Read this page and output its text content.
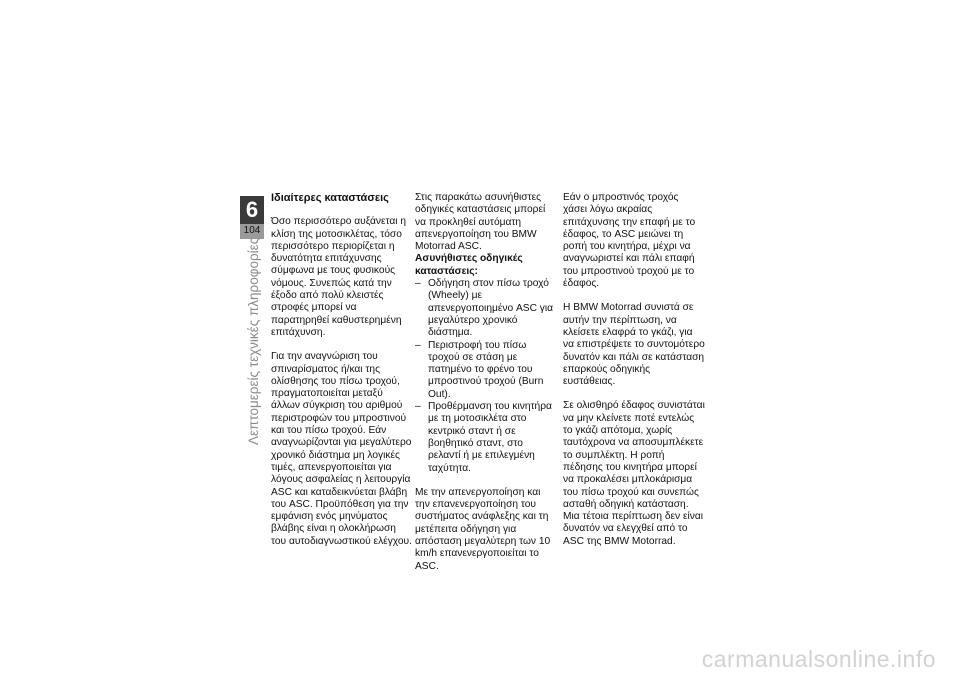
6
104
Λεπτομερείς τεχνικές πληροφορίες

Ιδιαίτερες καταστάσεις

Όσο περισσότερο αυξάνεται η κλίση της μοτοσικλέτας, τόσο περισσότερο περιορίζεται η δυνατότητα επιτάχυνσης σύμφωνα με τους φυσικούς νόμους. Συνεπώς κατά την έξοδο από πολύ κλειστές στροφές μπορεί να παρατηρηθεί καθυστερημένη επιτάχυνση.

Για την αναγνώριση του σπιναρίσματος ή/και της ολίσθησης του πίσω τροχού, πραγματοποιείται μεταξύ άλλων σύγκριση του αριθμού περιστροφών του μπροστινού και του πίσω τροχού. Εάν αναγνωρίζονται για μεγαλύτερο χρονικό διάστημα μη λογικές τιμές, απενεργοποιείται για λόγους ασφαλείας η λειτουργία ASC και καταδεικνύεται βλάβη του ASC. Προϋπόθεση για την εμφάνιση ενός μηνύματος βλάβης είναι η ολοκλήρωση του αυτοδιαγνωστικού ελέγχου.

Στις παρακάτω ασυνήθιστες οδηγικές καταστάσεις μπορεί να προκληθεί αυτόματη απενεργοποίηση του BMW Motorrad ASC.

Ασυνήθιστες οδηγικές καταστάσεις:

– Οδήγηση στον πίσω τροχό (Wheely) με απενεργοποιημένο ASC για μεγαλύτερο χρονικό διάστημα.
– Περιστροφή του πίσω τροχού σε στάση με πατημένο το φρένο του μπροστινού τροχού (Burn Out).
– Προθέρμανση του κινητήρα με τη μοτοσικλέτα στο κεντρικό σταντ ή σε βοηθητικό σταντ, στο ρελαντί ή με επιλεγμένη ταχύτητα.

Με την απενεργοποίηση και την επανενεργοποίηση του συστήματος ανάφλεξης και τη μετέπειτα οδήγηση για απόσταση μεγαλύτερη των 10 km/h επανενεργοποιείται το ASC.

Εάν ο μπροστινός τροχός χάσει λόγω ακραίας επιτάχυνσης την επαφή με το έδαφος, το ASC μειώνει τη ροπή του κινητήρα, μέχρι να αναγνωριστεί και πάλι επαφή του μπροστινού τροχού με το έδαφος.

Η BMW Motorrad συνιστά σε αυτήν την περίπτωση, να κλείσετε ελαφρά το γκάζι, για να επιστρέψετε το συντομότερο δυνατόν και πάλι σε κατάσταση επαρκούς οδηγικής ευστάθειας.

Σε ολισθηρό έδαφος συνιστάται να μην κλείνετε ποτέ εντελώς το γκάζι απότομα, χωρίς ταυτόχρονα να αποσυμπλέκετε το συμπλέκτη. Η ροπή πέδησης του κινητήρα μπορεί να προκαλέσει μπλοκάρισμα του πίσω τροχού και συνεπώς ασταθή οδηγική κατάσταση. Μια τέτοια περίπτωση δεν είναι δυνατόν να ελεγχθεί από το ASC της BMW Motorrad.

carmanualsonline.info
